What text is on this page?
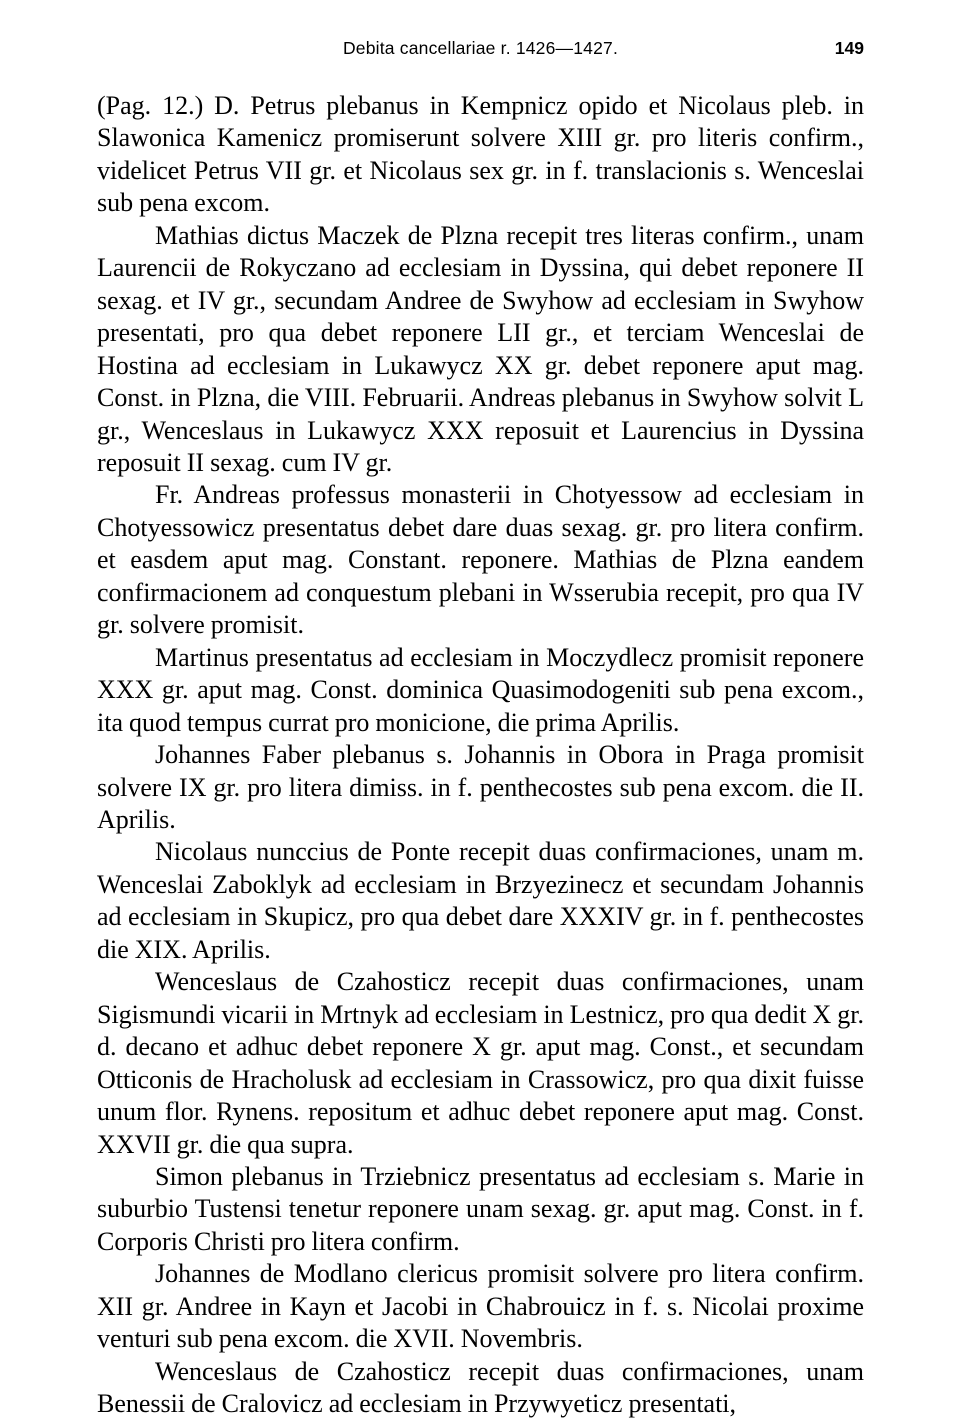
Debita cancellariae r. 1426—1427.	149

(Pag. 12.) D. Petrus plebanus in Kempnicz opido et Nicolaus pleb. in Slawonica Kamenicz promiserunt solvere XIII gr. pro literis confirm., videlicet Petrus VII gr. et Nicolaus sex gr. in f. translacionis s. Wenceslai sub pena excom.

Mathias dictus Maczek de Plzna recepit tres literas confirm., unam Laurencii de Rokyczano ad ecclesiam in Dyssina, qui debet reponere II sexag. et IV gr., secundam Andree de Swyhow ad ecclesiam in Swyhow presentati, pro qua debet reponere LII gr., et terciam Wenceslai de Hostina ad ecclesiam in Lukawycz XX gr. debet reponere aput mag. Const. in Plzna, die VIII. Februarii. Andreas plebanus in Swyhow solvit L gr., Wenceslaus in Lukawycz XXX reposuit et Laurencius in Dyssina reposuit II sexag. cum IV gr.

Fr. Andreas professus monasterii in Chotyessow ad ecclesiam in Chotyessowicz presentatus debet dare duas sexag. gr. pro litera confirm. et easdem aput mag. Constant. reponere. Mathias de Plzna eandem confirmacionem ad conquestum plebani in Wsserubia recepit, pro qua IV gr. solvere promisit.

Martinus presentatus ad ecclesiam in Moczydlecz promisit reponere XXX gr. aput mag. Const. dominica Quasimodogeniti sub pena excom., ita quod tempus currat pro monicione, die prima Aprilis.

Johannes Faber plebanus s. Johannis in Obora in Praga promisit solvere IX gr. pro litera dimiss. in f. penthecostes sub pena excom. die II. Aprilis.

Nicolaus nunccius de Ponte recepit duas confirmaciones, unam m. Wenceslai Zaboklyk ad ecclesiam in Brzyezinecz et secundam Johannis ad ecclesiam in Skupicz, pro qua debet dare XXXIV gr. in f. penthecostes die XIX. Aprilis.

Wenceslaus de Czahosticz recepit duas confirmaciones, unam Sigismundi vicarii in Mrtnyk ad ecclesiam in Lestnicz, pro qua dedit X gr. d. decano et adhuc debet reponere X gr. aput mag. Const., et secundam Otticonis de Hracholusk ad ecclesiam in Crassowicz, pro qua dixit fuisse unum flor. Rynens. repositum et adhuc debet reponere aput mag. Const. XXVII gr. die qua supra.

Simon plebanus in Trziebnicz presentatus ad ecclesiam s. Marie in suburbio Tustensi tenetur reponere unam sexag. gr. aput mag. Const. in f. Corporis Christi pro litera confirm.

Johannes de Modlano clericus promisit solvere pro litera confirm. XII gr. Andree in Kayn et Jacobi in Chabrouicz in f. s. Nicolai proxime venturi sub pena excom. die XVII. Novembris.

Wenceslaus de Czahosticz recepit duas confirmaciones, unam Benessii de Cralovicz ad ecclesiam in Przywyeticz presentati,
